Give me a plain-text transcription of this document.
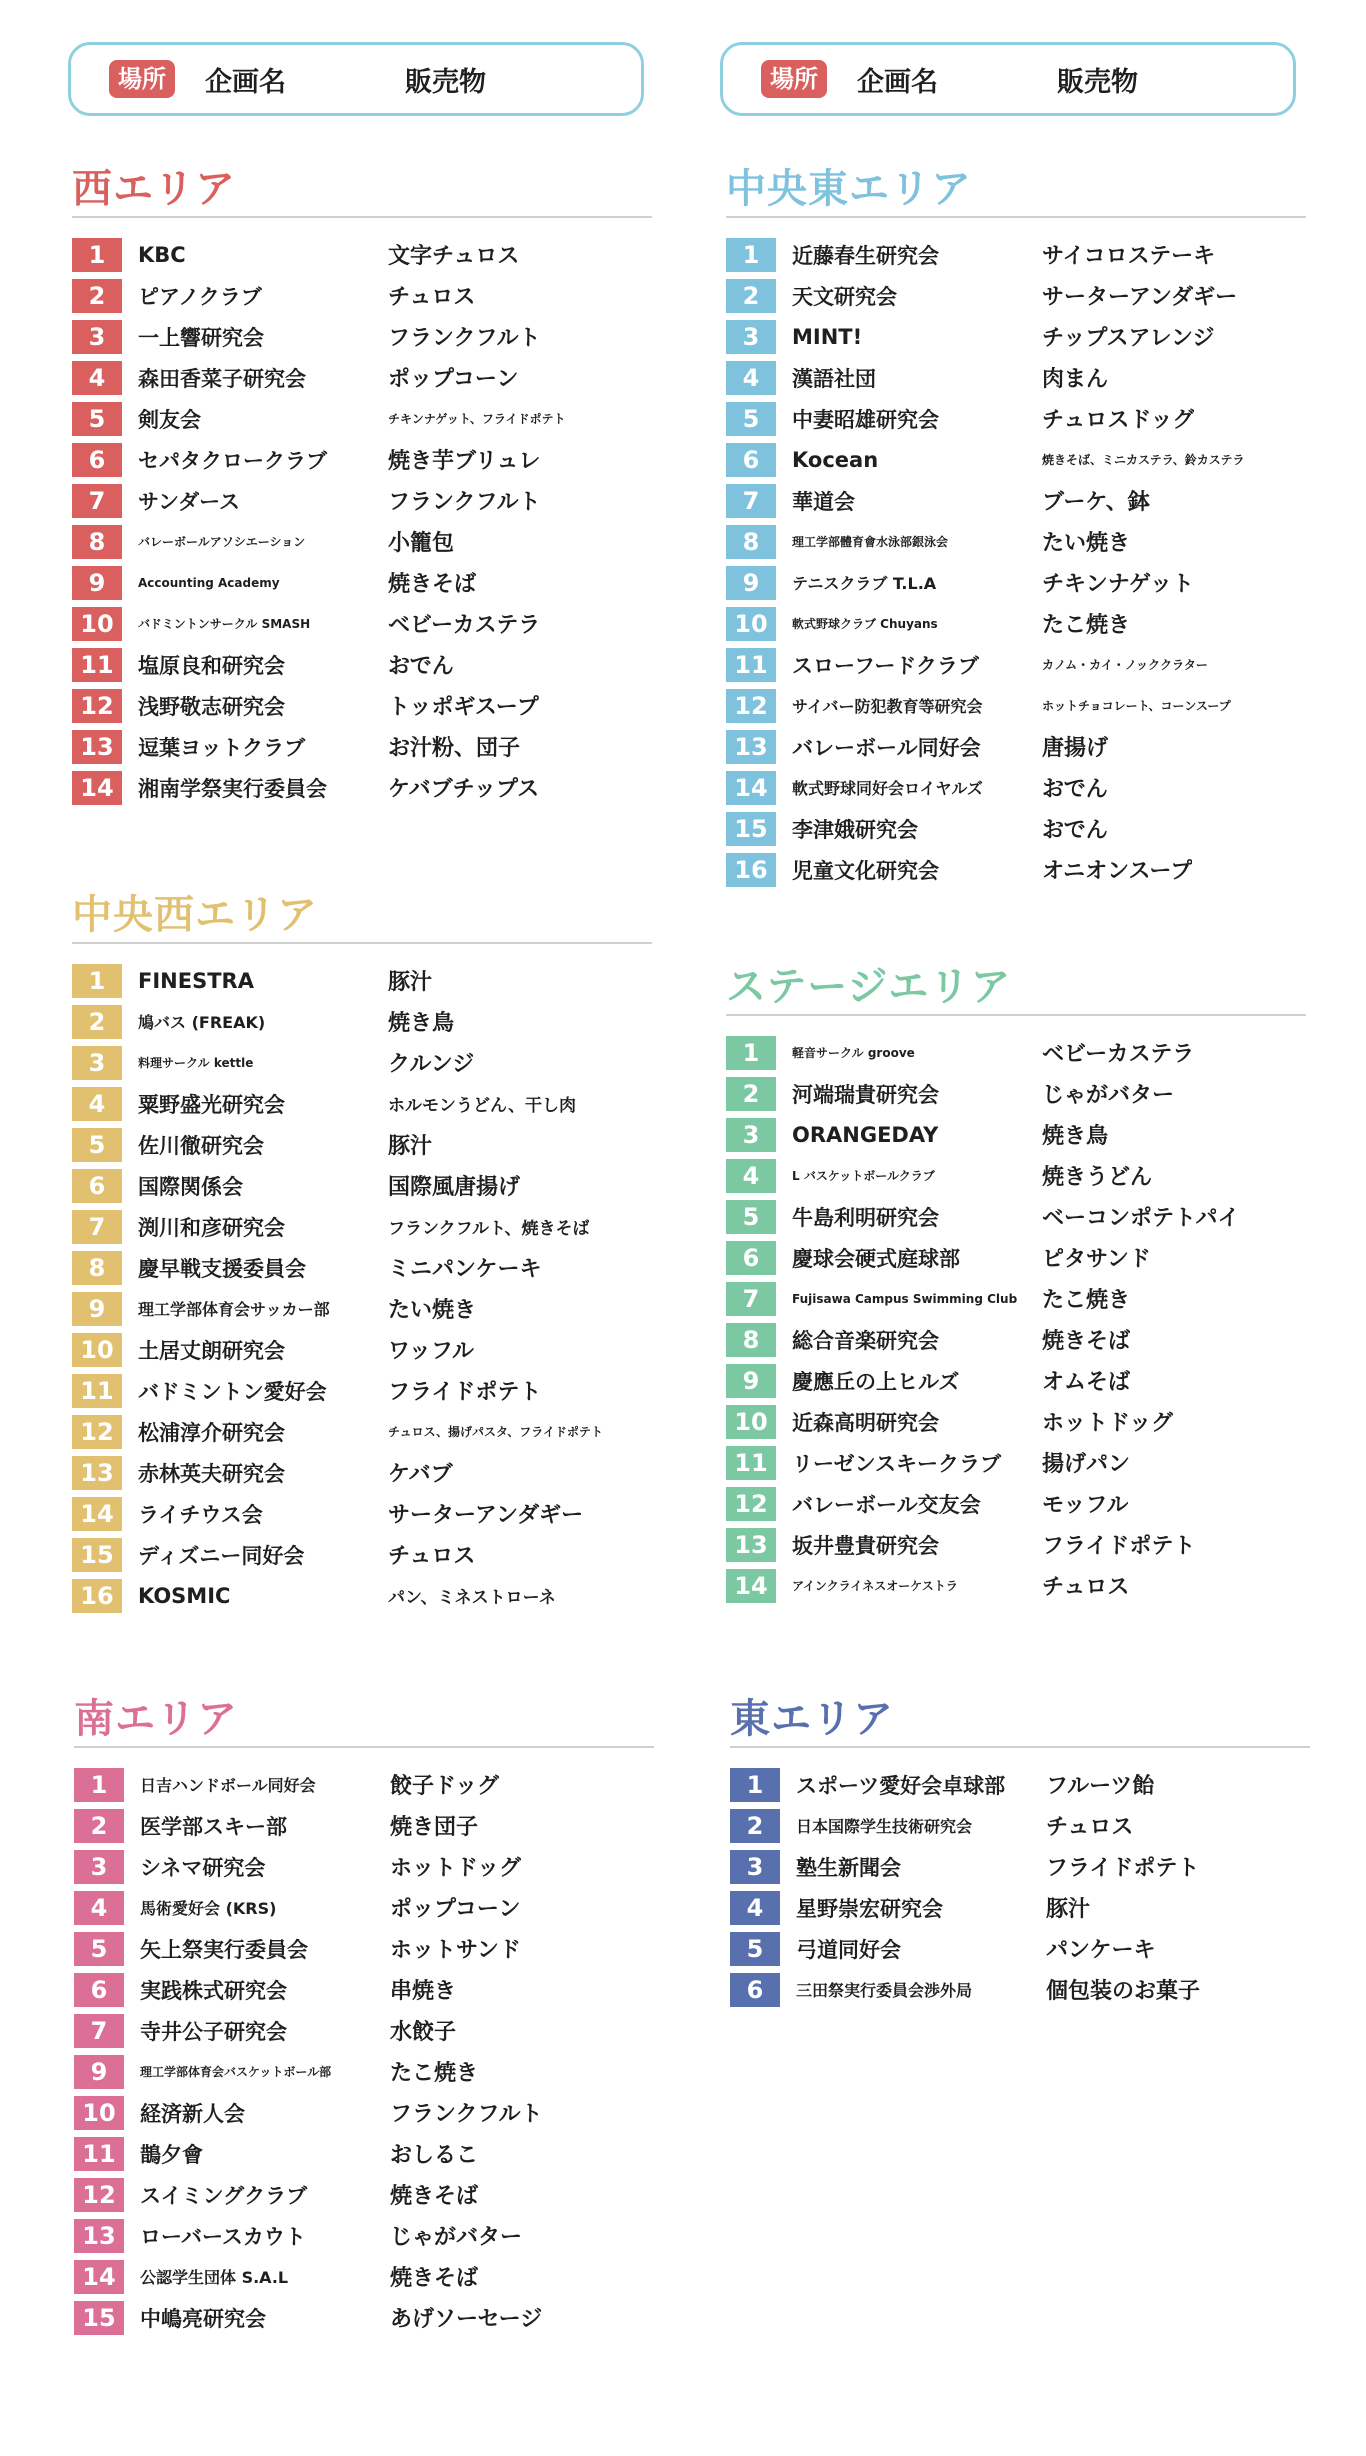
場所	企画名	販売物	場所	企画名	販売物
西エリア
1	KBC	文字チュロス
2	ピアノクラブ	チュロス
3	一上響研究会	フランクフルト
4	森田香菜子研究会	ポップコーン
5	剣友会	チキンナゲット、フライドポテト
6	セパタクロークラブ	焼き芋ブリュレ
7	サンダース	フランクフルト
8	バレーボールアソシエーション	小籠包
9	Accounting Academy	焼きそば
10	バドミントンサークル SMASH	ベビーカステラ
11	塩原良和研究会	おでん
12	浅野敬志研究会	トッポギスープ
13	逗葉ヨットクラブ	お汁粉、団子
14	湘南学祭実行委員会	ケバブチップス
中央西エリア
1	FINESTRA	豚汁
2	鳩バス (FREAK)	焼き鳥
3	料理サークル kettle	クルンジ
4	粟野盛光研究会	ホルモンうどん、干し肉
5	佐川徹研究会	豚汁
6	国際関係会	国際風唐揚げ
7	渕川和彦研究会	フランクフルト、焼きそば
8	慶早戦支援委員会	ミニパンケーキ
9	理工学部体育会サッカー部	たい焼き
10	土居丈朗研究会	ワッフル
11	バドミントン愛好会	フライドポテト
12	松浦淳介研究会	チュロス、揚げパスタ、フライドポテト
13	赤林英夫研究会	ケバブ
14	ライチウス会	サーターアンダギー
15	ディズニー同好会	チュロス
16	KOSMIC	パン、ミネストローネ
南エリア
1	日吉ハンドボール同好会	餃子ドッグ
2	医学部スキー部	焼き団子
3	シネマ研究会	ホットドッグ
4	馬術愛好会 (KRS)	ポップコーン
5	矢上祭実行委員会	ホットサンド
6	実践株式研究会	串焼き
7	寺井公子研究会	水餃子
9	理工学部体育会バスケットボール部	たこ焼き
10	経済新人会	フランクフルト
11	鵲夕會	おしるこ
12	スイミングクラブ	焼きそば
13	ローバースカウト	じゃがバター
14	公認学生団体 S.A.L	焼きそば
15	中嶋亮研究会	あげソーセージ
中央東エリア
1	近藤春生研究会	サイコロステーキ
2	天文研究会	サーターアンダギー
3	MINT!	チップスアレンジ
4	漢語社団	肉まん
5	中妻昭雄研究会	チュロスドッグ
6	Kocean	焼きそば、ミニカステラ、鈴カステラ
7	華道会	ブーケ、鉢
8	理工学部體育會水泳部銀泳会	たい焼き
9	テニスクラブ T.L.A	チキンナゲット
10	軟式野球クラブ Chuyans	たこ焼き
11	スローフードクラブ	カノム・カイ・ノッククラター
12	サイバー防犯教育等研究会	ホットチョコレート、コーンスープ
13	バレーボール同好会	唐揚げ
14	軟式野球同好会ロイヤルズ	おでん
15	李津娥研究会	おでん
16	児童文化研究会	オニオンスープ
ステージエリア
1	軽音サークル groove	ベビーカステラ
2	河端瑞貴研究会	じゃがバター
3	ORANGEDAY	焼き鳥
4	L バスケットボールクラブ	焼きうどん
5	牛島利明研究会	ベーコンポテトパイ
6	慶球会硬式庭球部	ピタサンド
7	Fujisawa Campus Swimming Club	たこ焼き
8	総合音楽研究会	焼きそば
9	慶應丘の上ヒルズ	オムそば
10	近森高明研究会	ホットドッグ
11	リーゼンスキークラブ	揚げパン
12	バレーボール交友会	モッフル
13	坂井豊貴研究会	フライドポテト
14	アインクライネスオーケストラ	チュロス
東エリア
1	スポーツ愛好会卓球部	フルーツ飴
2	日本国際学生技術研究会	チュロス
3	塾生新聞会	フライドポテト
4	星野崇宏研究会	豚汁
5	弓道同好会	パンケーキ
6	三田祭実行委員会渉外局	個包装のお菓子
